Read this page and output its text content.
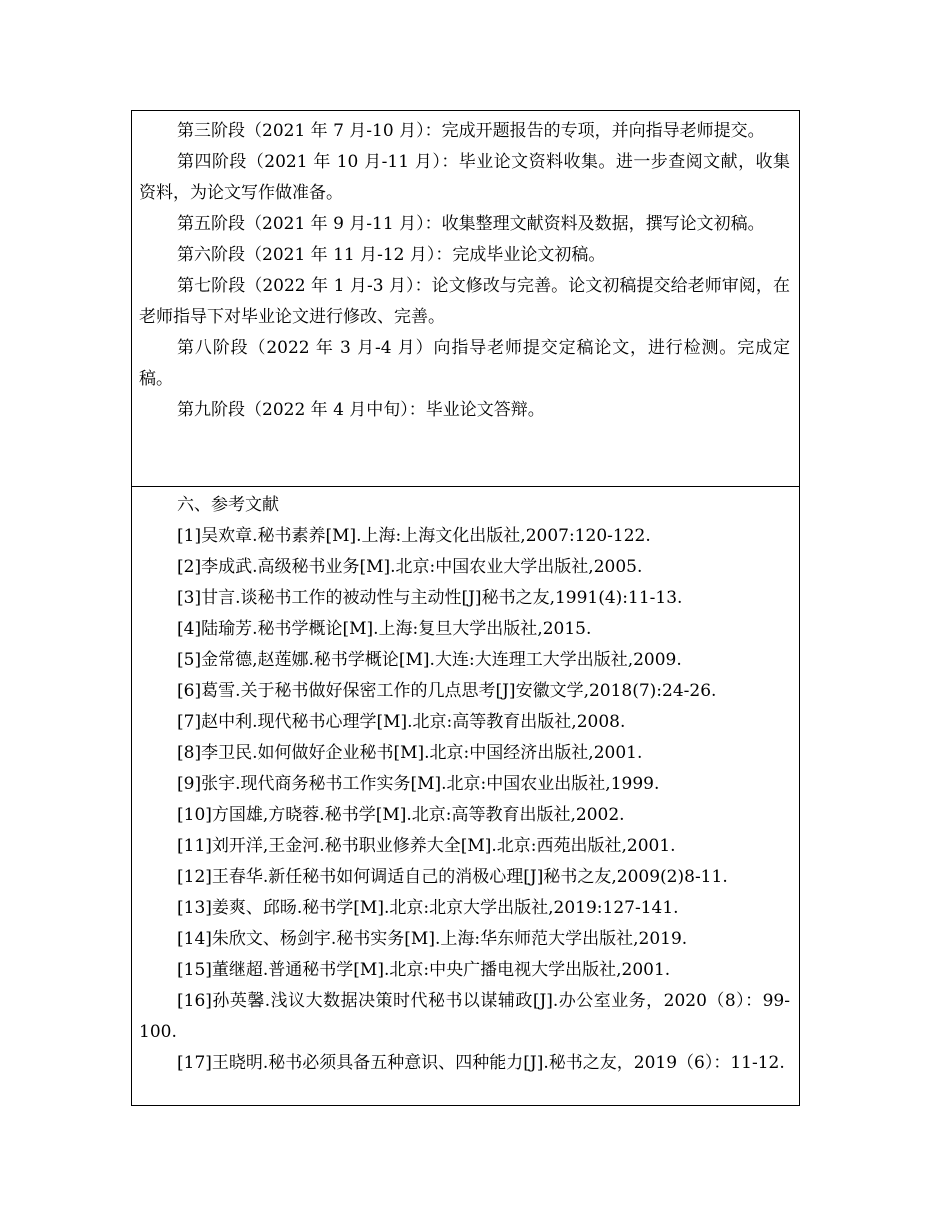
第三阶段（2021 年 7 月-10 月）：完成开题报告的专项，并向指导老师提交。

第四阶段（2021 年 10 月-11 月）：毕业论文资料收集。进一步查阅文献，收集资料，为论文写作做准备。

第五阶段（2021 年 9 月-11 月）：收集整理文献资料及数据，撰写论文初稿。

第六阶段（2021 年 11 月-12 月）：完成毕业论文初稿。

第七阶段（2022 年 1 月-3 月）：论文修改与完善。论文初稿提交给老师审阅，在老师指导下对毕业论文进行修改、完善。

第八阶段（2022 年 3 月-4 月）向指导老师提交定稿论文，进行检测。完成定稿。

第九阶段（2022 年 4 月中旬）：毕业论文答辩。

六、参考文献

[1]吴欢章.秘书素养[M].上海:上海文化出版社,2007:120-122.

[2]李成武.高级秘书业务[M].北京:中国农业大学出版社,2005.

[3]甘言.谈秘书工作的被动性与主动性[J]秘书之友,1991(4):11-13.

[4]陆瑜芳.秘书学概论[M].上海:复旦大学出版社,2015.

[5]金常德,赵莲娜.秘书学概论[M].大连:大连理工大学出版社,2009.

[6]葛雪.关于秘书做好保密工作的几点思考[J]安徽文学,2018(7):24-26.

[7]赵中利.现代秘书心理学[M].北京:高等教育出版社,2008.

[8]李卫民.如何做好企业秘书[M].北京:中国经济出版社,2001.

[9]张宇.现代商务秘书工作实务[M].北京:中国农业出版社,1999.

[10]方国雄,方晓蓉.秘书学[M].北京:高等教育出版社,2002.

[11]刘开洋,王金河.秘书职业修养大全[M].北京:西苑出版社,2001.

[12]王春华.新任秘书如何调适自己的消极心理[J]秘书之友,2009(2)8-11.

[13]姜爽、邱旸.秘书学[M].北京:北京大学出版社,2019:127-141.

[14]朱欣文、杨剑宇.秘书实务[M].上海:华东师范大学出版社,2019.

[15]董继超.普通秘书学[M].北京:中央广播电视大学出版社,2001.

[16]孙英馨.浅议大数据决策时代秘书以谋辅政[J].办公室业务，2020（8）：99-100.

[17]王晓明.秘书必须具备五种意识、四种能力[J].秘书之友，2019（6）：11-12.
